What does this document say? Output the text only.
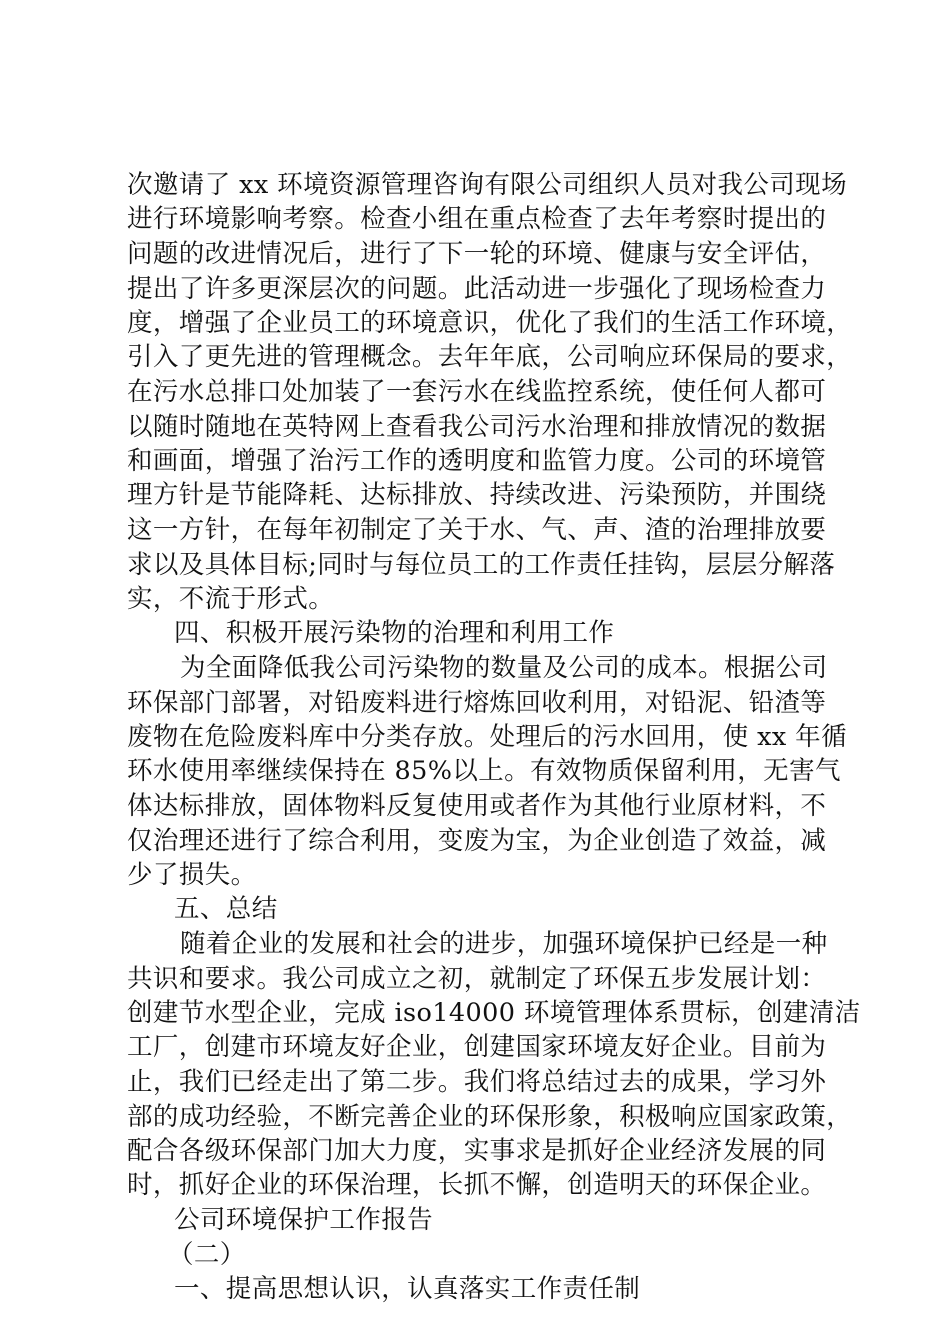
次邀请了 xx 环境资源管理咨询有限公司组织人员对我公司现场
进行环境影响考察。检查小组在重点检查了去年考察时提出的
问题的改进情况后，进行了下一轮的环境、健康与安全评估，
提出了许多更深层次的问题。此活动进一步强化了现场检查力
度，增强了企业员工的环境意识，优化了我们的生活工作环境，
引入了更先进的管理概念。去年年底，公司响应环保局的要求，
在污水总排口处加装了一套污水在线监控系统，使任何人都可
以随时随地在英特网上查看我公司污水治理和排放情况的数据
和画面，增强了治污工作的透明度和监管力度。公司的环境管
理方针是节能降耗、达标排放、持续改进、污染预防，并围绕
这一方针，在每年初制定了关于水、气、声、渣的治理排放要
求以及具体目标;同时与每位员工的工作责任挂钩，层层分解落
实，不流于形式。
四、积极开展污染物的治理和利用工作
为全面降低我公司污染物的数量及公司的成本。根据公司
环保部门部署，对铅废料进行熔炼回收利用，对铅泥、铅渣等
废物在危险废料库中分类存放。处理后的污水回用，使 xx 年循
环水使用率继续保持在 85%以上。有效物质保留利用，无害气
体达标排放，固体物料反复使用或者作为其他行业原材料，不
仅治理还进行了综合利用，变废为宝，为企业创造了效益，减
少了损失。
五、总结
随着企业的发展和社会的进步，加强环境保护已经是一种
共识和要求。我公司成立之初，就制定了环保五步发展计划：
创建节水型企业，完成 iso14000 环境管理体系贯标，创建清洁
工厂，创建市环境友好企业，创建国家环境友好企业。目前为
止，我们已经走出了第二步。我们将总结过去的成果，学习外
部的成功经验，不断完善企业的环保形象，积极响应国家政策，
配合各级环保部门加大力度，实事求是抓好企业经济发展的同
时，抓好企业的环保治理，长抓不懈，创造明天的环保企业。
公司环境保护工作报告
（二）
一、提高思想认识，认真落实工作责任制
